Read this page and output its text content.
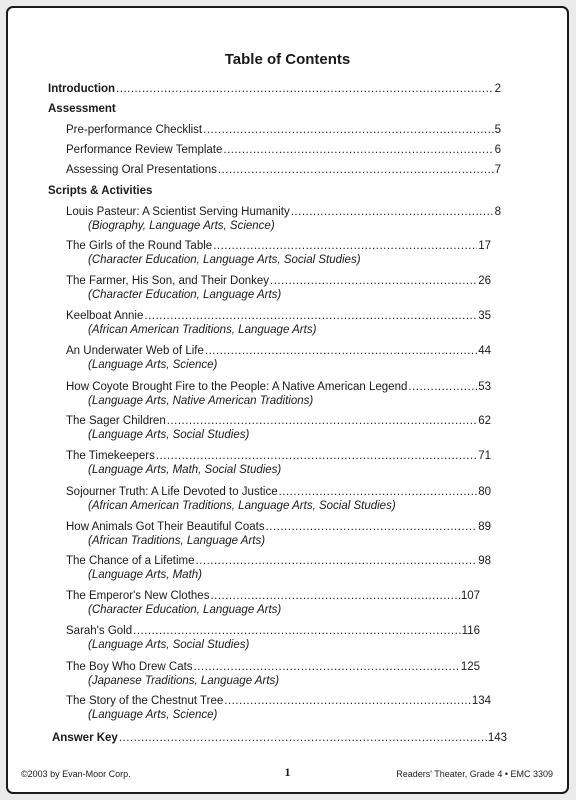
Table of Contents
Introduction .....	2
Assessment
Pre-performance Checklist .....	5
Performance Review Template .....	6
Assessing Oral Presentations .....	7
Scripts & Activities
Louis Pasteur: A Scientist Serving Humanity .....	8
(Biography, Language Arts, Science)
The Girls of the Round Table .....	17
(Character Education, Language Arts, Social Studies)
The Farmer, His Son, and Their Donkey .....	26
(Character Education, Language Arts)
Keelboat Annie .....	35
(African American Traditions, Language Arts)
An Underwater Web of Life .....	44
(Language Arts, Science)
How Coyote Brought Fire to the People: A Native American Legend .....	53
(Language Arts, Native American Traditions)
The Sager Children .....	62
(Language Arts, Social Studies)
The Timekeepers .....	71
(Language Arts, Math, Social Studies)
Sojourner Truth: A Life Devoted to Justice .....	80
(African American Traditions, Language Arts, Social Studies)
How Animals Got Their Beautiful Coats .....	89
(African Traditions, Language Arts)
The Chance of a Lifetime .....	98
(Language Arts, Math)
The Emperor's New Clothes .....	107
(Character Education, Language Arts)
Sarah's Gold .....	116
(Language Arts, Social Studies)
The Boy Who Drew Cats .....	125
(Japanese Traditions, Language Arts)
The Story of the Chestnut Tree .....	134
(Language Arts, Science)
Answer Key .....	143
©2003 by Evan-Moor Corp.	1	Readers' Theater, Grade 4 • EMC 3309
